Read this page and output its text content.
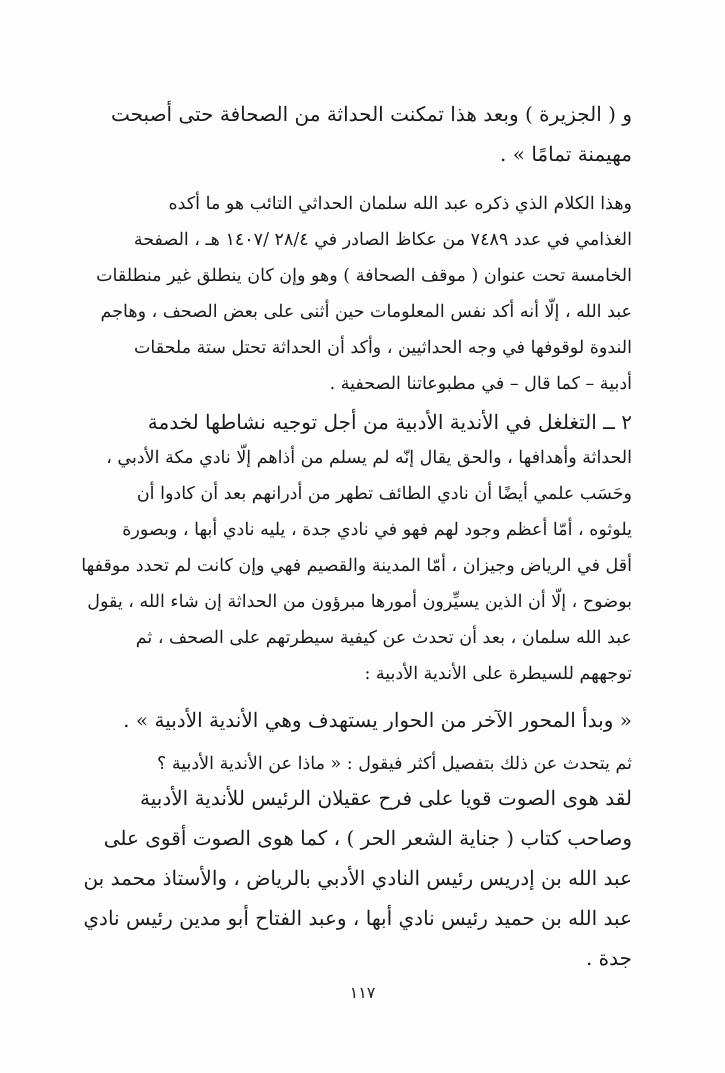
و ( الجزيرة ) وبعد هذا تمكنت الحداثة من الصحافة حتى أصبحت
مهيمنة تمامًا » .
وهذا الكلام الذي ذكره عبد الله سلمان الحداثي التائب هو ما أكده
الغذامي في عدد ٧٤٨٩ من عكاظ الصادر في ٢٨/٤ /١٤٠٧ هـ ، الصفحة
الخامسة تحت عنوان ( موقف الصحافة ) وهو وإن كان ينطلق غير منطلقات
عبد الله ، إلّا أنه أكد نفس المعلومات حين أثنى على بعض الصحف ، وهاجم
الندوة لوقوفها في وجه الحداثيين ، وأكد أن الحداثة تحتل ستة ملحقات
أدبية – كما قال – في مطبوعاتنا الصحفية .
٢ ــ التغلغل في الأندية الأدبية من أجل توجيه نشاطها لخدمة
الحداثة وأهدافها ، والحق يقال إنّه لم يسلم من أذاهم إلّا نادي مكة الأدبي ،
وحَسَب علمي أيضًا أن نادي الطائف تطهر من أدرانهم بعد أن كادوا أن
يلوثوه ، أمّا أعظم وجود لهم فهو في نادي جدة ، يليه نادي أبها ، وبصورة
أقل في الرياض وجيزان ، أمّا المدينة والقصيم فهي وإن كانت لم تحدد موقفها
بوضوح ، إلّا أن الذين يسيِّرون أمورها مبرؤون من الحداثة إن شاء الله ، يقول
عبد الله سلمان ، بعد أن تحدث عن كيفية سيطرتهم على الصحف ، ثم
توجههم للسيطرة على الأندية الأدبية :
« وبدأ المحور الآخر من الحوار يستهدف وهي الأندية الأدبية » .
ثم يتحدث عن ذلك بتفصيل أكثر فيقول : « ماذا عن الأندية الأدبية ؟
لقد هوى الصوت قويا على فرح عقيلان الرئيس للأندية الأدبية
وصاحب كتاب ( جناية الشعر الحر ) ، كما هوى الصوت أقوى على
عبد الله بن إدريس رئيس النادي الأدبي بالرياض ، والأستاذ محمد بن
عبد الله بن حميد رئيس نادي أبها ، وعبد الفتاح أبو مدين رئيس نادي
جدة .
١١٧
